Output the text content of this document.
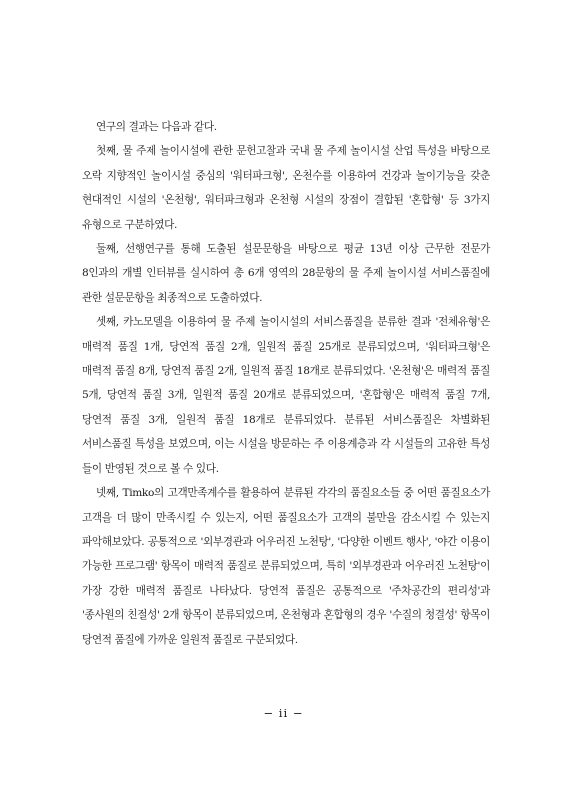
연구의 결과는 다음과 같다.

첫째, 물 주제 놀이시설에 관한 문헌고찰과 국내 물 주제 놀이시설 산업 특성을 바탕으로 오락 지향적인 놀이시설 중심의 '워터파크형', 온천수를 이용하여 건강과 놀이기능을 갖춘 현대적인 시설의 '온천형', 워터파크형과 온천형 시설의 장점이 결합된 '혼합형' 등 3가지 유형으로 구분하였다.

둘째, 선행연구를 통해 도출된 설문문항을 바탕으로 평균 13년 이상 근무한 전문가 8인과의 개별 인터뷰를 실시하여 총 6개 영역의 28문항의 물 주제 놀이시설 서비스품질에 관한 설문문항을 최종적으로 도출하였다.

셋째, 카노모델을 이용하여 물 주제 놀이시설의 서비스품질을 분류한 결과 '전체유형'은 매력적 품질 1개, 당연적 품질 2개, 일원적 품질 25개로 분류되었으며, '워터파크형'은 매력적 품질 8개, 당연적 품질 2개, 일원적 품질 18개로 분류되었다. '온천형'은 매력적 품질 5개, 당연적 품질 3개, 일원적 품질 20개로 분류되었으며, '혼합형'은 매력적 품질 7개, 당연적 품질 3개, 일원적 품질 18개로 분류되었다. 분류된 서비스품질은 차별화된 서비스품질 특성을 보였으며, 이는 시설을 방문하는 주 이용계층과 각 시설들의 고유한 특성 들이 반영된 것으로 볼 수 있다.

넷째, Timko의 고객만족계수를 활용하여 분류된 각각의 품질요소들 중 어떤 품질요소가 고객을 더 많이 만족시킬 수 있는지, 어떤 품질요소가 고객의 불만을 감소시킬 수 있는지 파악해보았다. 공통적으로 '외부경관과 어우러진 노천탕', '다양한 이벤트 행사', '야간 이용이 가능한 프로그램' 항목이 매력적 품질로 분류되었으며, 특히 '외부경관과 어우러진 노천탕'이 가장 강한 매력적 품질로 나타났다. 당연적 품질은 공통적으로 '주차공간의 편리성'과 '종사원의 친절성' 2개 항목이 분류되었으며, 온천형과 혼합형의 경우 '수질의 청결성' 항목이 당연적 품질에 가까운 일원적 품질로 구분되었다.

− ii −
